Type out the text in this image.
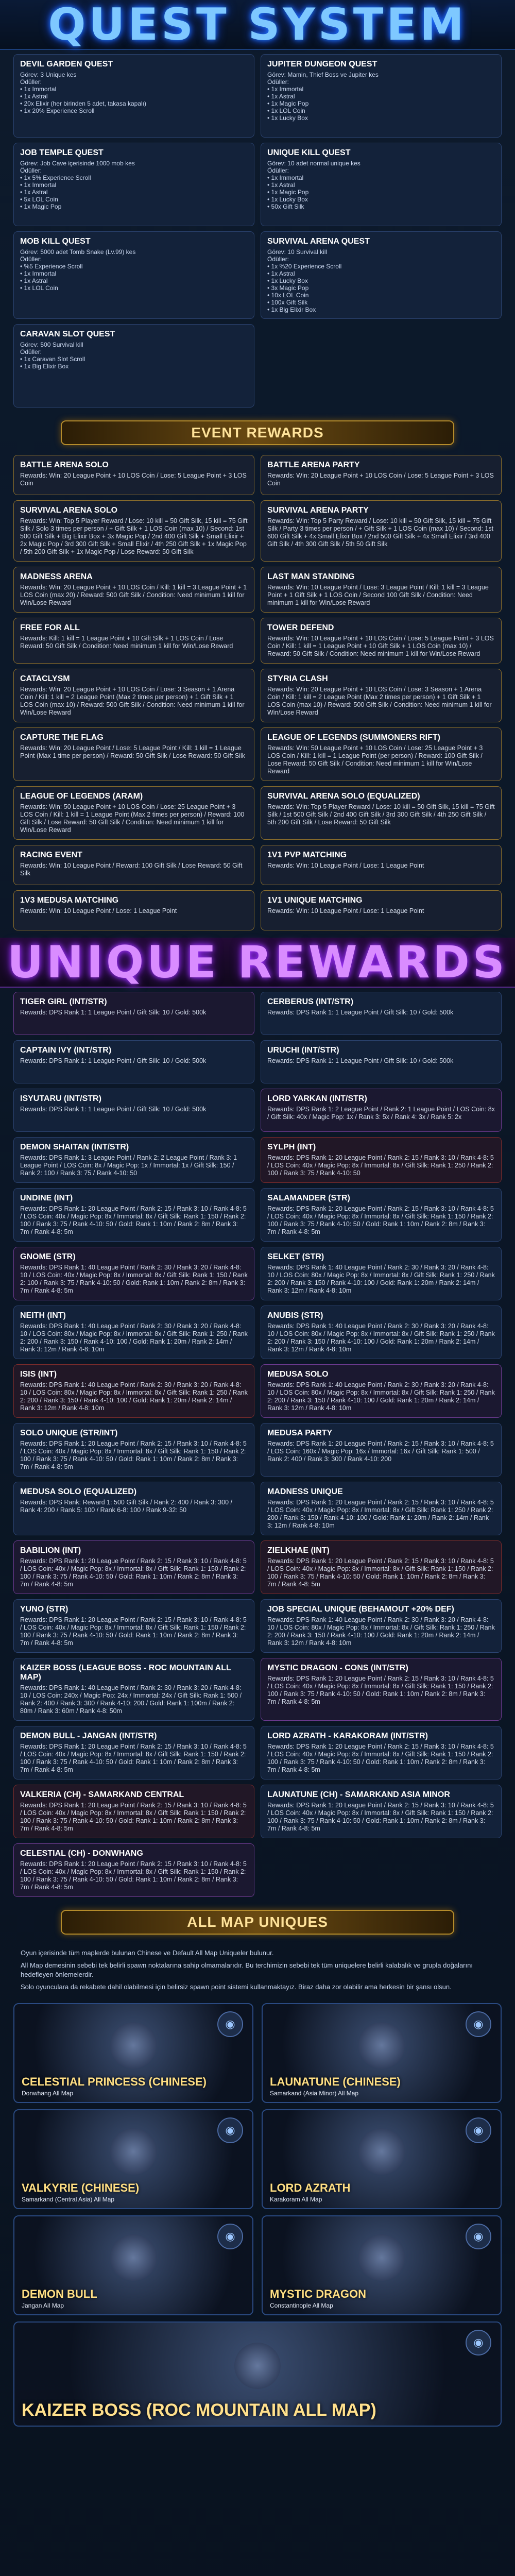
QUEST SYSTEM
DEVIL GARDEN QUEST
Görev: 3 Unique kes
Ödüller:
• 1x Immortal
• 1x Astral
• 20x Elixir (her birinden 5 adet, takasa kapalı)
• 1x 20% Experience Scroll
JUPITER DUNGEON QUEST
Görev: Mamin, Thief Boss ve Jupiter kes
Ödüller:
• 1x Immortal
• 1x Astral
• 1x Magic Pop
• 1x LOL Coin
• 1x Lucky Box
JOB TEMPLE QUEST
Görev: Job Cave içerisinde 1000 mob kes
Ödüller:
• 1x 5% Experience Scroll
• 1x Immortal
• 1x Astral
• 5x LOL Coin
• 1x Magic Pop
UNIQUE KILL QUEST
Görev: 10 adet normal unique kes
Ödüller:
• 1x Immortal
• 1x Astral
• 1x Magic Pop
• 1x Lucky Box
• 50x Gift Silk
MOB KILL QUEST
Görev: 5000 adet Tomb Snake (Lv.99) kes
Ödüller:
• %5 Experience Scroll
• 1x Immortal
• 1x Astral
• 1x LOL Coin
SURVIVAL ARENA QUEST
Görev: 10 Survival kill
Ödüller:
• 1x %20 Experience Scroll
• 1x Astral
• 1x Lucky Box
• 3x Magic Pop
• 10x LOL Coin
• 100x Gift Silk
• 1x Big Elixir Box
CARAVAN SLOT QUEST
Görev: 500 Survival kill
Ödüller:
• 1x Caravan Slot Scroll
• 1x Big Elixir Box
EVENT REWARDS
BATTLE ARENA SOLO
Rewards: Win: 20 League Point + 10 LOS Coin / Lose: 5 League Point + 3 LOS Coin
BATTLE ARENA PARTY
Rewards: Win: 20 League Point + 10 LOS Coin / Lose: 5 League Point + 3 LOS Coin
SURVIVAL ARENA SOLO
Rewards: Win: Top 5 Player Reward / Lose: 10 kill = 50 Gift Silk, 15 kill = 75 Gift Silk / Solo 3 times per person / + Gift Silk + 1 LOS Coin (max 10) / Second: 1st 500 Gift Silk + Big Elixir Box + 3x Magic Pop / 2nd 400 Gift Silk + Small Elixir + 2x Magic Pop / 3rd 300 Gift Silk + Small Elixir / 4th 250 Gift Silk + 1x Magic Pop / 5th 200 Gift Silk + 1x Magic Pop / Lose Reward: 50 Gift Silk
SURVIVAL ARENA PARTY
Rewards: Win: Top 5 Party Reward / Lose: 10 kill = 50 Gift Silk, 15 kill = 75 Gift Silk / Party 3 times per person / + Gift Silk + 1 LOS Coin (max 10) / Second: 1st 600 Gift Silk + 4x Small Elixir Box / 2nd 500 Gift Silk + 4x Small Elixir / 3rd 400 Gift Silk / 4th 300 Gift Silk / 5th 50 Gift Silk
MADNESS ARENA
Rewards: Win: 20 League Point + 10 LOS Coin / Kill: 1 kill = 3 League Point + 1 LOS Coin (max 20) / Reward: 500 Gift Silk / Condition: Need minimum 1 kill for Win/Lose Reward
LAST MAN STANDING
Rewards: Win: 10 League Point / Lose: 3 League Point / Kill: 1 kill = 3 League Point + 1 Gift Silk + 1 LOS Coin / Second 100 Gift Silk / Condition: Need minimum 1 kill for Win/Lose Reward
FREE FOR ALL
Rewards: Kill: 1 kill = 1 League Point + 10 Gift Silk + 1 LOS Coin / Lose Reward: 50 Gift Silk / Condition: Need minimum 1 kill for Win/Lose Reward
TOWER DEFEND
Rewards: Win: 10 League Point + 10 LOS Coin / Lose: 5 League Point + 3 LOS Coin / Kill: 1 kill = 1 League Point + 10 Gift Silk + 1 LOS Coin (max 10) / Reward: 50 Gift Silk / Condition: Need minimum 1 kill for Win/Lose Reward
CATACLYSM
Rewards: Win: 20 League Point + 10 LOS Coin / Lose: 3 Season + 1 Arena Coin / Kill: 1 kill = 2 League Point (Max 2 times per person) + 1 Gift Silk + 1 LOS Coin (max 10) / Reward: 500 Gift Silk / Condition: Need minimum 1 kill for Win/Lose Reward
STYRIA CLASH
Rewards: Win: 20 League Point + 10 LOS Coin / Lose: 3 Season + 1 Arena Coin / Kill: 1 kill = 2 League Point (Max 2 times per person) + 1 Gift Silk + 1 LOS Coin (max 10) / Reward: 500 Gift Silk / Condition: Need minimum 1 kill for Win/Lose Reward
CAPTURE THE FLAG
Rewards: Win: 20 League Point / Lose: 5 League Point / Kill: 1 kill = 1 League Point (Max 1 time per person) / Reward: 50 Gift Silk / Lose Reward: 50 Gift Silk
LEAGUE OF LEGENDS (SUMMONERS RIFT)
Rewards: Win: 50 League Point + 10 LOS Coin / Lose: 25 League Point + 3 LOS Coin / Kill: 1 kill = 1 League Point (per person) / Reward: 100 Gift Silk / Lose Reward: 50 Gift Silk / Condition: Need minimum 1 kill for Win/Lose Reward
LEAGUE OF LEGENDS (ARAM)
Rewards: Win: 50 League Point + 10 LOS Coin / Lose: 25 League Point + 3 LOS Coin / Kill: 1 kill = 1 League Point (Max 2 times per person) / Reward: 100 Gift Silk / Lose Reward: 50 Gift Silk / Condition: Need minimum 1 kill for Win/Lose Reward
SURVIVAL ARENA SOLO (EQUALIZED)
Rewards: Win: Top 5 Player Reward / Lose: 10 kill = 50 Gift Silk, 15 kill = 75 Gift Silk / 1st 500 Gift Silk / 2nd 400 Gift Silk / 3rd 300 Gift Silk / 4th 250 Gift Silk / 5th 200 Gift Silk / Lose Reward: 50 Gift Silk
RACING EVENT
Rewards: Win: 10 League Point / Reward: 100 Gift Silk / Lose Reward: 50 Gift Silk
1V1 PVP MATCHING
Rewards: Win: 10 League Point / Lose: 1 League Point
1V3 MEDUSA MATCHING
Rewards: Win: 10 League Point / Lose: 1 League Point
1V1 UNIQUE MATCHING
Rewards: Win: 10 League Point / Lose: 1 League Point
UNIQUE REWARDS
TIGER GIRL (INT/STR)
Rewards: DPS Rank 1: 1 League Point / Gift Silk: 10 / Gold: 500k
CERBERUS (INT/STR)
Rewards: DPS Rank 1: 1 League Point / Gift Silk: 10 / Gold: 500k
CAPTAIN IVY (INT/STR)
Rewards: DPS Rank 1: 1 League Point / Gift Silk: 10 / Gold: 500k
URUCHI (INT/STR)
Rewards: DPS Rank 1: 1 League Point / Gift Silk: 10 / Gold: 500k
ISYUTARU (INT/STR)
Rewards: DPS Rank 1: 1 League Point / Gift Silk: 10 / Gold: 500k
LORD YARKAN (INT/STR)
Rewards: DPS Rank 1: 2 League Point / Rank 2: 1 League Point / LOS Coin: 8x / Gift Silk: 40x / Magic Pop: 1x / Rank 3: 5x / Rank 4: 3x / Rank 5: 2x
DEMON SHAITAN (INT/STR)
Rewards: DPS Rank 1: 3 League Point / Rank 2: 2 League Point / Rank 3: 1 League Point / LOS Coin: 8x / Magic Pop: 1x / Immortal: 1x / Gift Silk: 150 / Rank 2: 100 / Rank 3: 75 / Rank 4-10: 50
SYLPH (INT)
Rewards: DPS Rank 1: 20 League Point / Rank 2: 15 / Rank 3: 10 / Rank 4-8: 5 / LOS Coin: 40x / Magic Pop: 8x / Immortal: 8x / Gift Silk: Rank 1: 250 / Rank 2: 100 / Rank 3: 75 / Rank 4-10: 50
UNDINE (INT)
Rewards: DPS Rank 1: 20 League Point / Rank 2: 15 / Rank 3: 10 / Rank 4-8: 5 / LOS Coin: 40x / Magic Pop: 8x / Immortal: 8x / Gift Silk: Rank 1: 150 / Rank 2: 100 / Rank 3: 75 / Rank 4-10: 50 / Gold: Rank 1: 10m / Rank 2: 8m / Rank 3: 7m / Rank 4-8: 5m
SALAMANDER (STR)
Rewards: DPS Rank 1: 20 League Point / Rank 2: 15 / Rank 3: 10 / Rank 4-8: 5 / LOS Coin: 40x / Magic Pop: 8x / Immortal: 8x / Gift Silk: Rank 1: 150 / Rank 2: 100 / Rank 3: 75 / Rank 4-10: 50 / Gold: Rank 1: 10m / Rank 2: 8m / Rank 3: 7m / Rank 4-8: 5m
GNOME (STR)
Rewards: DPS Rank 1: 40 League Point / Rank 2: 30 / Rank 3: 20 / Rank 4-8: 10 / LOS Coin: 40x / Magic Pop: 8x / Immortal: 8x / Gift Silk: Rank 1: 150 / Rank 2: 100 / Rank 3: 75 / Rank 4-10: 50 / Gold: Rank 1: 10m / Rank 2: 8m / Rank 3: 7m / Rank 4-8: 5m
SELKET (STR)
Rewards: DPS Rank 1: 40 League Point / Rank 2: 30 / Rank 3: 20 / Rank 4-8: 10 / LOS Coin: 80x / Magic Pop: 8x / Immortal: 8x / Gift Silk: Rank 1: 250 / Rank 2: 200 / Rank 3: 150 / Rank 4-10: 100 / Gold: Rank 1: 20m / Rank 2: 14m / Rank 3: 12m / Rank 4-8: 10m
NEITH (INT)
Rewards: DPS Rank 1: 40 League Point / Rank 2: 30 / Rank 3: 20 / Rank 4-8: 10 / LOS Coin: 80x / Magic Pop: 8x / Immortal: 8x / Gift Silk: Rank 1: 250 / Rank 2: 200 / Rank 3: 150 / Rank 4-10: 100 / Gold: Rank 1: 20m / Rank 2: 14m / Rank 3: 12m / Rank 4-8: 10m
ANUBIS (STR)
Rewards: DPS Rank 1: 40 League Point / Rank 2: 30 / Rank 3: 20 / Rank 4-8: 10 / LOS Coin: 80x / Magic Pop: 8x / Immortal: 8x / Gift Silk: Rank 1: 250 / Rank 2: 200 / Rank 3: 150 / Rank 4-10: 100 / Gold: Rank 1: 20m / Rank 2: 14m / Rank 3: 12m / Rank 4-8: 10m
ISIS (INT)
Rewards: DPS Rank 1: 40 League Point / Rank 2: 30 / Rank 3: 20 / Rank 4-8: 10 / LOS Coin: 80x / Magic Pop: 8x / Immortal: 8x / Gift Silk: Rank 1: 250 / Rank 2: 200 / Rank 3: 150 / Rank 4-10: 100 / Gold: Rank 1: 20m / Rank 2: 14m / Rank 3: 12m / Rank 4-8: 10m
MEDUSA SOLO
Rewards: DPS Rank 1: 40 League Point / Rank 2: 30 / Rank 3: 20 / Rank 4-8: 10 / LOS Coin: 80x / Magic Pop: 8x / Immortal: 8x / Gift Silk: Rank 1: 250 / Rank 2: 200 / Rank 3: 150 / Rank 4-10: 100 / Gold: Rank 1: 20m / Rank 2: 14m / Rank 3: 12m / Rank 4-8: 10m
SOLO UNIQUE (STR/INT)
Rewards: DPS Rank 1: 20 League Point / Rank 2: 15 / Rank 3: 10 / Rank 4-8: 5 / LOS Coin: 40x / Magic Pop: 8x / Immortal: 8x / Gift Silk: Rank 1: 150 / Rank 2: 100 / Rank 3: 75 / Rank 4-10: 50 / Gold: Rank 1: 10m / Rank 2: 8m / Rank 3: 7m / Rank 4-8: 5m
MEDUSA PARTY
Rewards: DPS Rank 1: 20 League Point / Rank 2: 15 / Rank 3: 10 / Rank 4-8: 5 / LOS Coin: 160x / Magic Pop: 16x / Immortal: 16x / Gift Silk: Rank 1: 500 / Rank 2: 400 / Rank 3: 300 / Rank 4-10: 200
MEDUSA SOLO (EQUALIZED)
Rewards: DPS Rank: Reward 1: 500 Gift Silk / Rank 2: 400 / Rank 3: 300 / Rank 4: 200 / Rank 5: 100 / Rank 6-8: 100 / Rank 9-32: 50
MADNESS UNIQUE
Rewards: DPS Rank 1: 20 League Point / Rank 2: 15 / Rank 3: 10 / Rank 4-8: 5 / LOS Coin: 40x / Magic Pop: 8x / Immortal: 8x / Gift Silk: Rank 1: 250 / Rank 2: 200 / Rank 3: 150 / Rank 4-10: 100 / Gold: Rank 1: 20m / Rank 2: 14m / Rank 3: 12m / Rank 4-8: 10m
BABILION (INT)
Rewards: DPS Rank 1: 20 League Point / Rank 2: 15 / Rank 3: 10 / Rank 4-8: 5 / LOS Coin: 40x / Magic Pop: 8x / Immortal: 8x / Gift Silk: Rank 1: 150 / Rank 2: 100 / Rank 3: 75 / Rank 4-10: 50 / Gold: Rank 1: 10m / Rank 2: 8m / Rank 3: 7m / Rank 4-8: 5m
ZIELKHAE (INT)
Rewards: DPS Rank 1: 20 League Point / Rank 2: 15 / Rank 3: 10 / Rank 4-8: 5 / LOS Coin: 40x / Magic Pop: 8x / Immortal: 8x / Gift Silk: Rank 1: 150 / Rank 2: 100 / Rank 3: 75 / Rank 4-10: 50 / Gold: Rank 1: 10m / Rank 2: 8m / Rank 3: 7m / Rank 4-8: 5m
YUNO (STR)
Rewards: DPS Rank 1: 20 League Point / Rank 2: 15 / Rank 3: 10 / Rank 4-8: 5 / LOS Coin: 40x / Magic Pop: 8x / Immortal: 8x / Gift Silk: Rank 1: 150 / Rank 2: 100 / Rank 3: 75 / Rank 4-10: 50 / Gold: Rank 1: 10m / Rank 2: 8m / Rank 3: 7m / Rank 4-8: 5m
JOB SPECIAL UNIQUE (BEHAMOUT +20% DEF)
Rewards: DPS Rank 1: 40 League Point / Rank 2: 30 / Rank 3: 20 / Rank 4-8: 10 / LOS Coin: 80x / Magic Pop: 8x / Immortal: 8x / Gift Silk: Rank 1: 250 / Rank 2: 200 / Rank 3: 150 / Rank 4-10: 100 / Gold: Rank 1: 20m / Rank 2: 14m / Rank 3: 12m / Rank 4-8: 10m
KAIZER BOSS (LEAGUE BOSS - ROC MOUNTAIN ALL MAP)
Rewards: DPS Rank 1: 40 League Point / Rank 2: 30 / Rank 3: 20 / Rank 4-8: 10 / LOS Coin: 240x / Magic Pop: 24x / Immortal: 24x / Gift Silk: Rank 1: 500 / Rank 2: 400 / Rank 3: 300 / Rank 4-10: 200 / Gold: Rank 1: 100m / Rank 2: 80m / Rank 3: 60m / Rank 4-8: 50m
MYSTIC DRAGON - CONS (INT/STR)
Rewards: DPS Rank 1: 20 League Point / Rank 2: 15 / Rank 3: 10 / Rank 4-8: 5 / LOS Coin: 40x / Magic Pop: 8x / Immortal: 8x / Gift Silk: Rank 1: 150 / Rank 2: 100 / Rank 3: 75 / Rank 4-10: 50 / Gold: Rank 1: 10m / Rank 2: 8m / Rank 3: 7m / Rank 4-8: 5m
DEMON BULL - JANGAN (INT/STR)
Rewards: DPS Rank 1: 20 League Point / Rank 2: 15 / Rank 3: 10 / Rank 4-8: 5 / LOS Coin: 40x / Magic Pop: 8x / Immortal: 8x / Gift Silk: Rank 1: 150 / Rank 2: 100 / Rank 3: 75 / Rank 4-10: 50 / Gold: Rank 1: 10m / Rank 2: 8m / Rank 3: 7m / Rank 4-8: 5m
LORD AZRATH - KARAKORAM (INT/STR)
Rewards: DPS Rank 1: 20 League Point / Rank 2: 15 / Rank 3: 10 / Rank 4-8: 5 / LOS Coin: 40x / Magic Pop: 8x / Immortal: 8x / Gift Silk: Rank 1: 150 / Rank 2: 100 / Rank 3: 75 / Rank 4-10: 50 / Gold: Rank 1: 10m / Rank 2: 8m / Rank 3: 7m / Rank 4-8: 5m
VALKERIA (CH) - SAMARKAND CENTRAL
Rewards: DPS Rank 1: 20 League Point / Rank 2: 15 / Rank 3: 10 / Rank 4-8: 5 / LOS Coin: 40x / Magic Pop: 8x / Immortal: 8x / Gift Silk: Rank 1: 150 / Rank 2: 100 / Rank 3: 75 / Rank 4-10: 50 / Gold: Rank 1: 10m / Rank 2: 8m / Rank 3: 7m / Rank 4-8: 5m
LAUNATUNE (CH) - SAMARKAND ASIA MINOR
Rewards: DPS Rank 1: 20 League Point / Rank 2: 15 / Rank 3: 10 / Rank 4-8: 5 / LOS Coin: 40x / Magic Pop: 8x / Immortal: 8x / Gift Silk: Rank 1: 150 / Rank 2: 100 / Rank 3: 75 / Rank 4-10: 50 / Gold: Rank 1: 10m / Rank 2: 8m / Rank 3: 7m / Rank 4-8: 5m
CELESTIAL (CH) - DONWHANG
Rewards: DPS Rank 1: 20 League Point / Rank 2: 15 / Rank 3: 10 / Rank 4-8: 5 / LOS Coin: 40x / Magic Pop: 8x / Immortal: 8x / Gift Silk: Rank 1: 150 / Rank 2: 100 / Rank 3: 75 / Rank 4-10: 50 / Gold: Rank 1: 10m / Rank 2: 8m / Rank 3: 7m / Rank 4-8: 5m
ALL MAP UNIQUES
Oyun içerisinde tüm maplerde bulunan Chinese ve Default All Map Uniqueler bulunur.
All Map demesinin sebebi tek belirli spawn noktalarına sahip olmamalarıdır. Bu terchimizin sebebi tek tüm uniquelere belirli kalabalık ve grupla doğalarını hedefleyen önlemelerdir.
Solo oyunculara da rekabete dahil olabilmesi için belirsiz spawn point sistemi kullanmaktayız. Biraz daha zor olabilir ama herkesin bir şansı olsun.
◉
CELESTIAL PRINCESS (CHINESE)
Donwhang All Map
◉
LAUNATUNE (CHINESE)
Samarkand (Asia Minor) All Map
◉
VALKYRIE (CHINESE)
Samarkand (Central Asia) All Map
◉
LORD AZRATH
Karakoram All Map
◉
DEMON BULL
Jangan All Map
◉
MYSTIC DRAGON
Constantinople All Map
◉
KAIZER BOSS (ROC MOUNTAIN ALL MAP)
